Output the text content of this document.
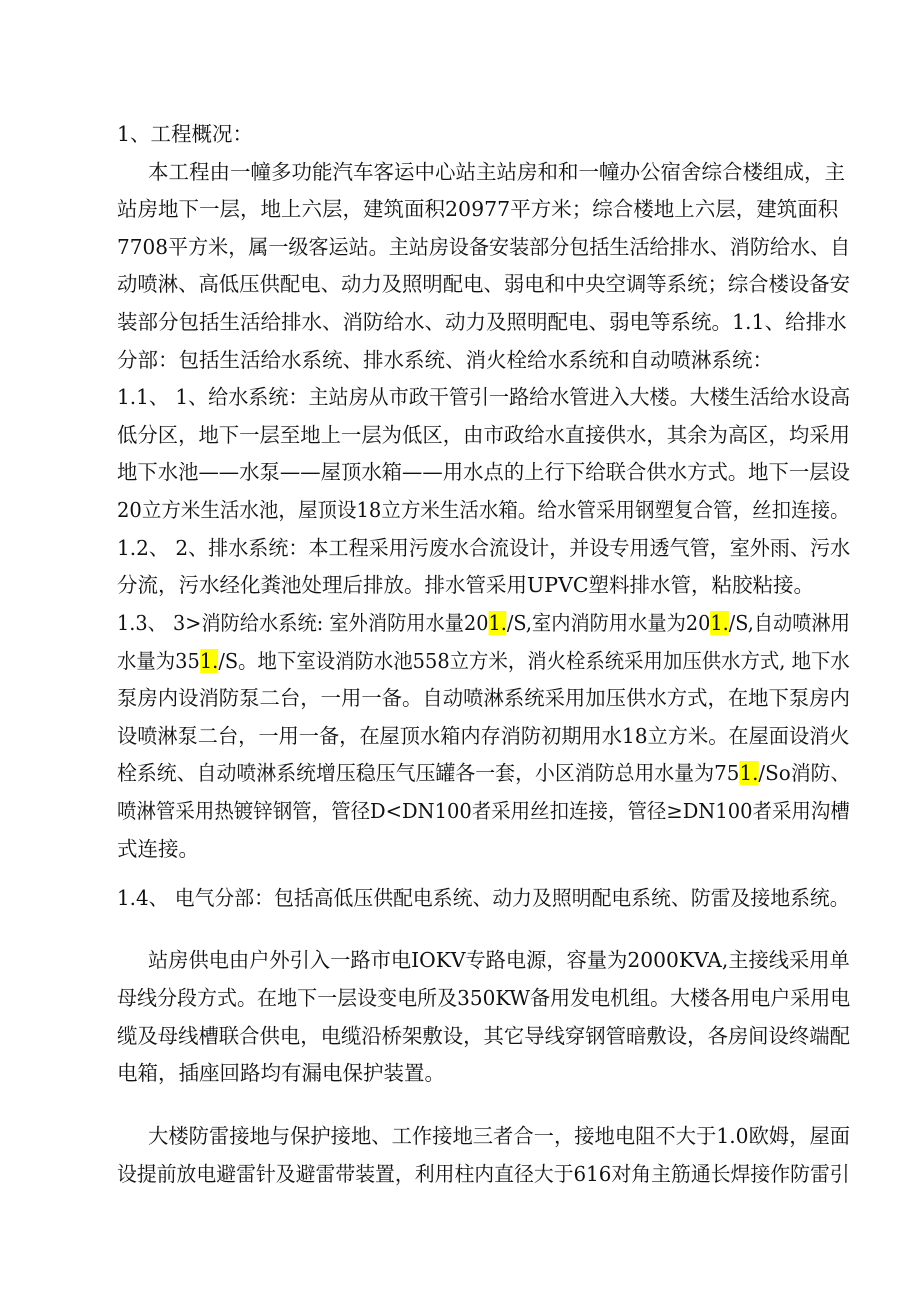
1、工程概况：
本工程由一幢多功能汽车客运中心站主站房和和一幢办公宿舍综合楼组成，主
站房地下一层，地上六层，建筑面积20977平方米；综合楼地上六层，建筑面积
7708平方米，属一级客运站。主站房设备安装部分包括生活给排水、消防给水、自
动喷淋、高低压供配电、动力及照明配电、弱电和中央空调等系统；综合楼设备安
装部分包括生活给排水、消防给水、动力及照明配电、弱电等系统。1.1、给排水
分部：包括生活给水系统、排水系统、消火栓给水系统和自动喷淋系统：
1.1、 1、给水系统：主站房从市政干管引一路给水管进入大楼。大楼生活给水设高
低分区，地下一层至地上一层为低区，由市政给水直接供水，其余为高区，均采用
地下水池——水泵——屋顶水箱——用水点的上行下给联合供水方式。地下一层设
20立方米生活水池，屋顶设18立方米生活水箱。给水管采用钢塑复合管，丝扣连接。
1.2、 2、排水系统：本工程采用污废水合流设计，并设专用透气管，室外雨、污水
分流，污水经化粪池处理后排放。排水管采用UPVC塑料排水管，粘胶粘接。
1.3、 3>消防给水系统: 室外消防用水量201./S,室内消防用水量为201./S,自动喷淋用
水量为351./S。地下室设消防水池558立方米，消火栓系统采用加压供水方式, 地下水
泵房内设消防泵二台，一用一备。自动喷淋系统采用加压供水方式，在地下泵房内
设喷淋泵二台，一用一备，在屋顶水箱内存消防初期用水18立方米。在屋面设消火
栓系统、自动喷淋系统增压稳压气压罐各一套，小区消防总用水量为751./So消防、
喷淋管采用热镀锌钢管，管径D<DN100者采用丝扣连接，管径≥DN100者采用沟槽
式连接。
1.4、 电气分部：包括高低压供配电系统、动力及照明配电系统、防雷及接地系统。
站房供电由户外引入一路市电IOKV专路电源，容量为2000KVA,主接线采用单
母线分段方式。在地下一层设变电所及350KW备用发电机组。大楼各用电户采用电
缆及母线槽联合供电，电缆沿桥架敷设，其它导线穿钢管暗敷设，各房间设终端配
电箱，插座回路均有漏电保护装置。
大楼防雷接地与保护接地、工作接地三者合一，接地电阻不大于1.0欧姆，屋面
设提前放电避雷针及避雷带装置，利用柱内直径大于616对角主筋通长焊接作防雷引
